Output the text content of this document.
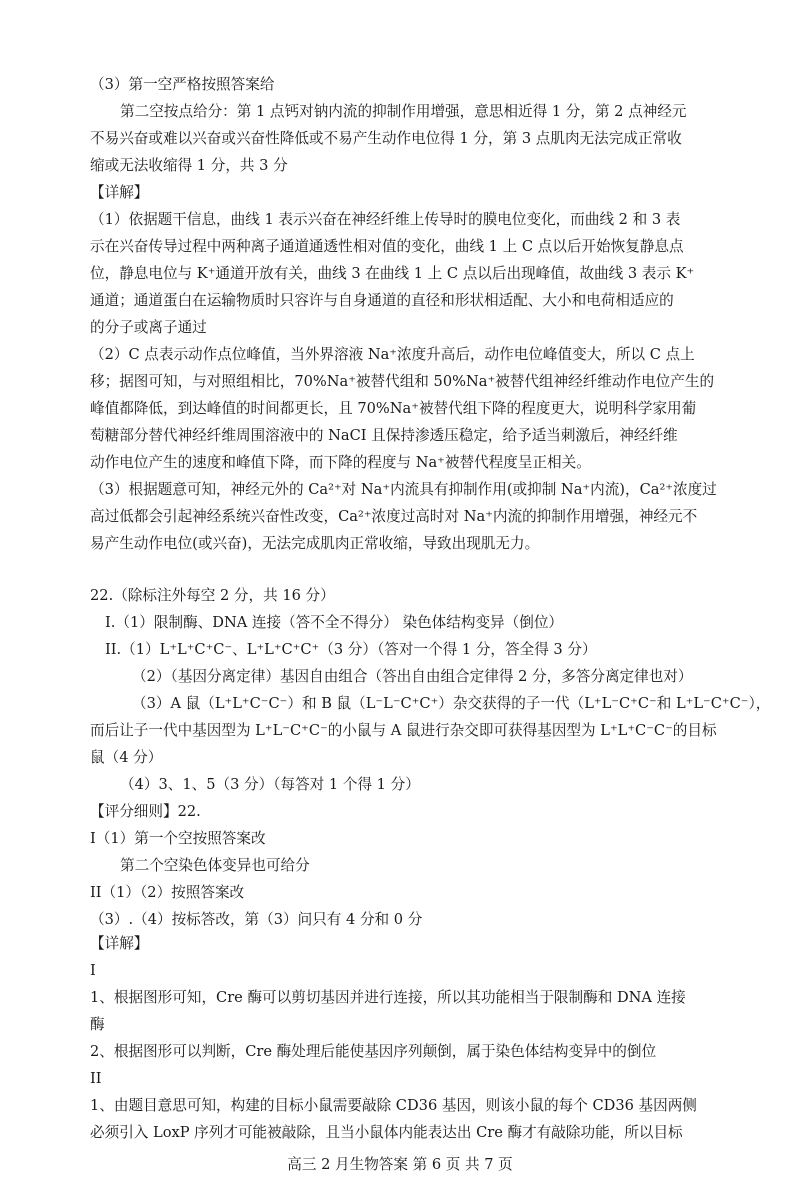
（3）第一空严格按照答案给
第二空按点给分：第 1 点钙对钠内流的抑制作用增强，意思相近得 1 分，第 2 点神经元
不易兴奋或难以兴奋或兴奋性降低或不易产生动作电位得 1 分，第 3 点肌肉无法完成正常收
缩或无法收缩得 1 分，共 3 分
【详解】
（1）依据题干信息，曲线 1 表示兴奋在神经纤维上传导时的膜电位变化，而曲线 2 和 3 表
示在兴奋传导过程中两种离子通道通透性相对值的变化，曲线 1 上 C 点以后开始恢复静息点
位，静息电位与 K⁺通道开放有关，曲线 3 在曲线 1 上 C 点以后出现峰值，故曲线 3 表示 K⁺
通道；通道蛋白在运输物质时只容许与自身通道的直径和形状相适配、大小和电荷相适应的
的分子或离子通过
（2）C 点表示动作点位峰值，当外界溶液 Na⁺浓度升高后，动作电位峰值变大，所以 C 点上
移；据图可知，与对照组相比，70%Na⁺被替代组和 50%Na⁺被替代组神经纤维动作电位产生的
峰值都降低，到达峰值的时间都更长，且 70%Na⁺被替代组下降的程度更大，说明科学家用葡
萄糖部分替代神经纤维周围溶液中的 NaCI 且保持渗透压稳定，给予适当刺激后，神经纤维
动作电位产生的速度和峰值下降，而下降的程度与 Na⁺被替代程度呈正相关。
（3）根据题意可知，神经元外的 Ca²⁺对 Na⁺内流具有抑制作用(或抑制 Na⁺内流)，Ca²⁺浓度过
高过低都会引起神经系统兴奋性改变，Ca²⁺浓度过高时对 Na⁺内流的抑制作用增强，神经元不
易产生动作电位(或兴奋)，无法完成肌肉正常收缩，导致出现肌无力。
22.（除标注外每空 2 分，共 16 分）
I.（1）限制酶、DNA 连接（答不全不得分） 染色体结构变异（倒位）
II.（1）L⁺L⁺C⁺C⁻、L⁺L⁺C⁺C⁺（3 分）（答对一个得 1 分，答全得 3 分）
（2）（基因分离定律）基因自由组合（答出自由组合定律得 2 分，多答分离定律也对）
（3）A 鼠（L⁺L⁺C⁻C⁻）和 B 鼠（L⁻L⁻C⁺C⁺）杂交获得的子一代（L⁺L⁻C⁺C⁻和 L⁺L⁻C⁺C⁻），
而后让子一代中基因型为 L⁺L⁻C⁺C⁻的小鼠与 A 鼠进行杂交即可获得基因型为 L⁺L⁺C⁻C⁻的目标
鼠（4 分）
（4）3、1、5（3 分）（每答对 1 个得 1 分）
【评分细则】22.
I（1）第一个空按照答案改
第二个空染色体变异也可给分
II（1）（2）按照答案改
（3）.（4）按标答改，第（3）问只有 4 分和 0 分
【详解】
I
1、根据图形可知，Cre 酶可以剪切基因并进行连接，所以其功能相当于限制酶和 DNA 连接
酶
2、根据图形可以判断，Cre 酶处理后能使基因序列颠倒，属于染色体结构变异中的倒位
II
1、由题目意思可知，构建的目标小鼠需要敲除 CD36 基因，则该小鼠的每个 CD36 基因两侧
高三 2 月生物答案 第 6 页 共 7 页
必须引入 LoxP 序列才可能被敲除，且当小鼠体内能表达出 Cre 酶才有敲除功能，所以目标
